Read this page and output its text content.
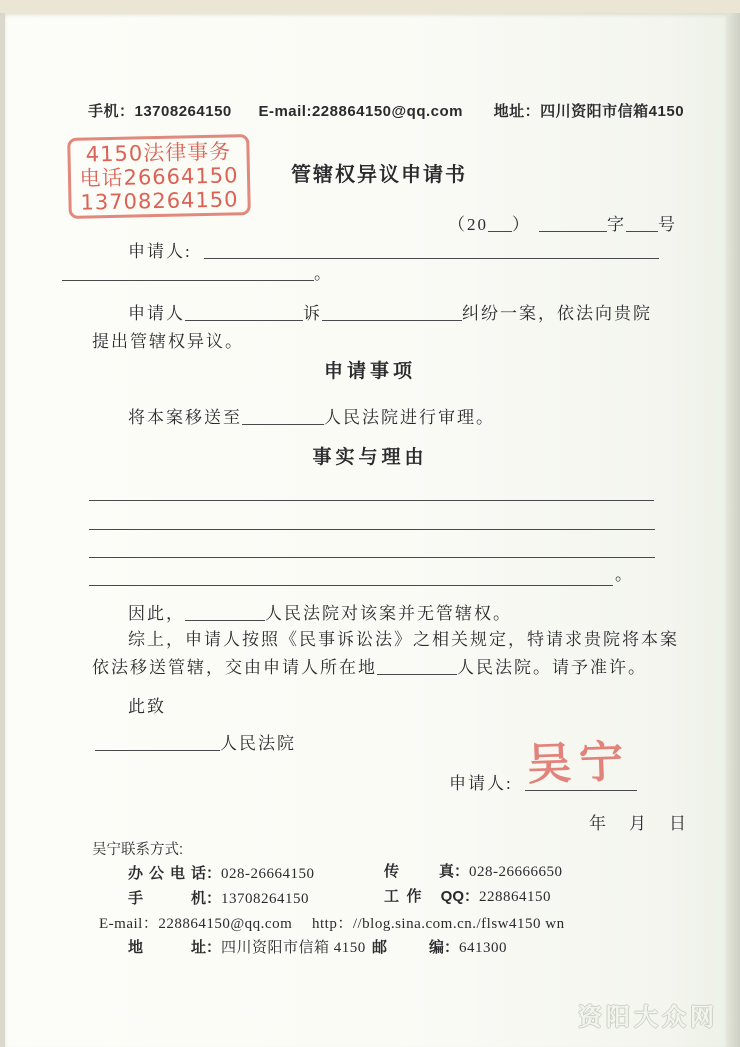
手机：13708264150 E-mail:228864150@qq.com 地址：四川资阳市信箱4150
4150法律事务
电话26664150
13708264150
管辖权异议申请书
（20 ）	字 号
申请人:
。
申请人	诉	纠纷一案，依法向贵院
提出管辖权异议。
申请事项
将本案移送至	人民法院进行审理。
事实与理由
。
因此，	人民法院对该案并无管辖权。
综上，申请人按照《民事诉讼法》之相关规定，特请求贵院将本案
依法移送管辖，交由申请人所在地	人民法院。请予准许。
此致
人民法院
申请人: 吴宁
年　月　日
吴宁联系方式:
办公电话：028-26664150	传真：028-26666650
手机：13708264150	工作 QQ：228864150
E-mail：228864150@qq.com http：//blog.sina.com.cn./flsw4150 wn
地址：四川资阳市信箱 4150 邮编：641300
资阳大众网
